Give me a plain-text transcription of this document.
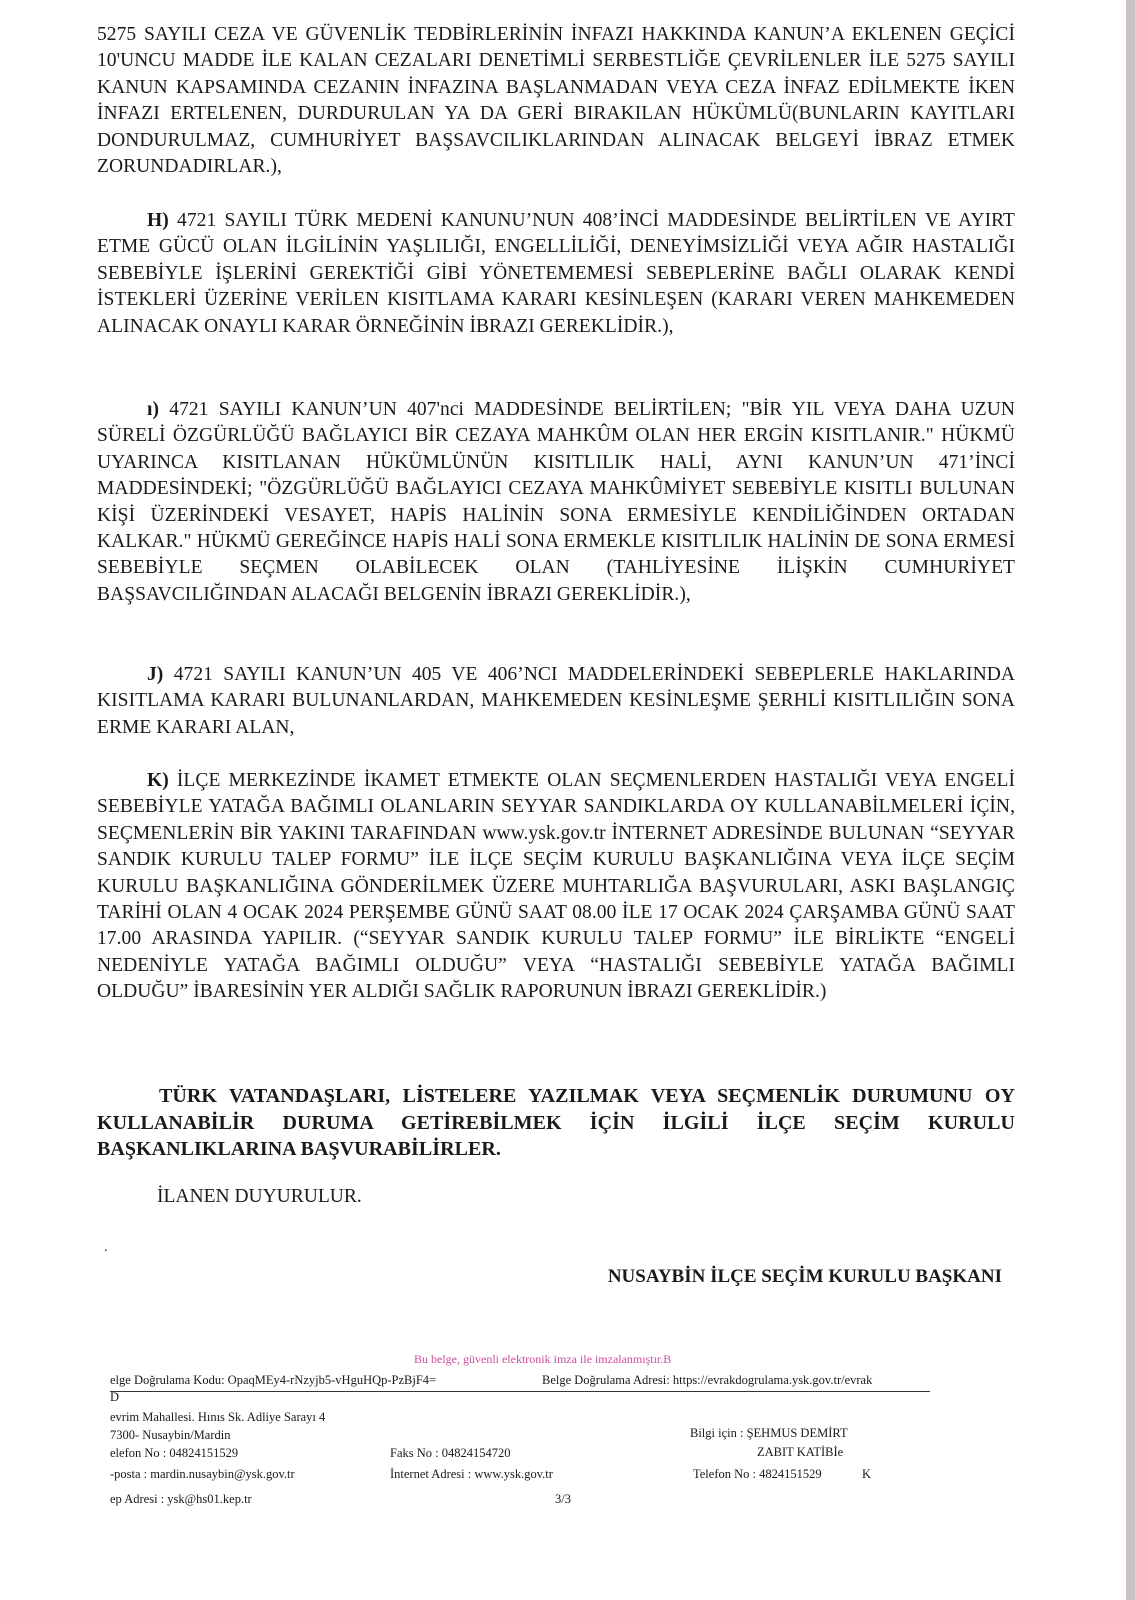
5275 SAYILI CEZA VE GÜVENLİK TEDBİRLERİNİN İNFAZI HAKKINDA KANUN’A EKLENEN GEÇİCİ 10'UNCU MADDE İLE KALAN CEZALARI DENETİMLİ SERBESTLİĞE ÇEVRİLENLER İLE 5275 SAYILI KANUN KAPSAMINDA CEZANIN İNFAZINA BAŞLANMADAN VEYA CEZA İNFAZ EDİLMEKTE İKEN İNFAZI ERTELENEN, DURDURULAN YA DA GERİ BIRAKILAN HÜKÜMLÜ(BUNLARIN KAYITLARI DONDURULMAZ, CUMHURİYET BAŞSAVCILIKLARINDAN ALINACAK BELGEYİ İBRAZ ETMEK ZORUNDADIRLAR.),

H) 4721 SAYILI TÜRK MEDENİ KANUNU’NUN 408’İNCİ MADDESİNDE BELİRTİLEN VE AYIRT ETME GÜCÜ OLAN İLGİLİNİN YAŞLILIĞI, ENGELLİLİĞİ, DENEYİMSİZLİĞİ VEYA AĞIR HASTALIĞI SEBEBİYLE İŞLERİNİ GEREKTİĞİ GİBİ YÖNETEMEMESİ SEBEPLERİNE BAĞLI OLARAK KENDİ İSTEKLERİ ÜZERİNE VERİLEN KISITLAMA KARARI KESİNLEŞEN (KARARI VEREN MAHKEMEDEN ALINACAK ONAYLI KARAR ÖRNEĞİNİN İBRAZI GEREKLİDİR.),

ı) 4721 SAYILI KANUN’UN 407'nci MADDESİNDE BELİRTİLEN; "BİR YIL VEYA DAHA UZUN SÜRELİ ÖZGÜRLÜĞÜ BAĞLAYICI BİR CEZAYA MAHKÛM OLAN HER ERGİN KISITLANIR." HÜKMÜ UYARINCA KISITLANAN HÜKÜMLÜNÜN KISITLILIK HALİ, AYNI KANUN’UN 471’İNCİ MADDESİNDEKİ; "ÖZGÜRLÜĞÜ BAĞLAYICI CEZAYA MAHKÛMİYET SEBEBİYLE KISITLI BULUNAN KİŞİ ÜZERİNDEKİ VESAYET, HAPİS HALİNİN SONA ERMESİYLE KENDİLİĞİNDEN ORTADAN KALKAR." HÜKMÜ GEREĞİNCE HAPİS HALİ SONA ERMEKLE KISITLILIK HALİNİN DE SONA ERMESİ SEBEBİYLE SEÇMEN OLABİLECEK OLAN (TAHLİYESİNE İLİŞKİN CUMHURİYET BAŞSAVCILIĞINDAN ALACAĞI BELGENİN İBRAZI GEREKLİDİR.),

J) 4721 SAYILI KANUN’UN 405 VE 406’NCI MADDELERİNDEKİ SEBEPLERLE HAKLARINDA KISITLAMA KARARI BULUNANLARDAN, MAHKEMEDEN KESİNLEŞME ŞERHLİ KISITLILIĞIN SONA ERME KARARI ALAN,

K) İLÇE MERKEZİNDE İKAMET ETMEKTE OLAN SEÇMENLERDEN HASTALIĞI VEYA ENGELİ SEBEBİYLE YATAĞA BAĞIMLI OLANLARIN SEYYAR SANDIKLARDA OY KULLANABİLMELERİ İÇİN, SEÇMENLERİN BİR YAKINI TARAFINDAN www.ysk.gov.tr İNTERNET ADRESİNDE BULUNAN “SEYYAR SANDIK KURULU TALEP FORMU” İLE İLÇE SEÇİM KURULU BAŞKANLIĞINA VEYA İLÇE SEÇİM KURULU BAŞKANLIĞINA GÖNDERİLMEK ÜZERE MUHTARLIĞA BAŞVURULARI, ASKI BAŞLANGIÇ TARİHİ OLAN 4 OCAK 2024 PERŞEMBE GÜNÜ SAAT 08.00 İLE 17 OCAK 2024 ÇARŞAMBA GÜNÜ SAAT 17.00 ARASINDA YAPILIR. (“SEYYAR SANDIK KURULU TALEP FORMU” İLE BİRLİKTE “ENGELİ NEDENİYLE YATAĞA BAĞIMLI OLDUĞU” VEYA “HASTALIĞI SEBEBİYLE YATAĞA BAĞIMLI OLDUĞU” İBARESİNİN YER ALDIĞI SAĞLIK RAPORUNUN İBRAZI GEREKLİDİR.)

TÜRK VATANDAŞLARI, LİSTELERE YAZILMAK VEYA SEÇMENLİK DURUMUNU OY KULLANABİLİR DURUMA GETİREBİLMEK İÇİN İLGİLİ İLÇE SEÇİM KURULU BAŞKANLIKLARINA BAŞVURABİLİRLER.

İLANEN DUYURULUR.
.
NUSAYBİN İLÇE SEÇİM KURULU BAŞKANI
Bu belge, güvenli elektronik imza ile imzalanmıştır.B
elge Doğrulama Kodu: OpaqMEy4-rNzyjb5-vHguHQp-PzBjF4=	Belge Doğrulama Adresi: https://evrakdogrulama.ysk.gov.tr/evrak
D
evrim Mahallesi. Hınıs Sk. Adliye Sarayı 4
7300- Nusaybin/Mardin
elefon No : 04824151529
-posta : mardin.nusaybin@ysk.gov.tr
ep Adresi : ysk@hs01.kep.tr
Faks No : 04824154720
İnternet Adresi : www.ysk.gov.tr
Bilgi için : ŞEHMUS DEMİRT
ZABIT KATİBİe
Telefon No : 4824151529	K
3/3
